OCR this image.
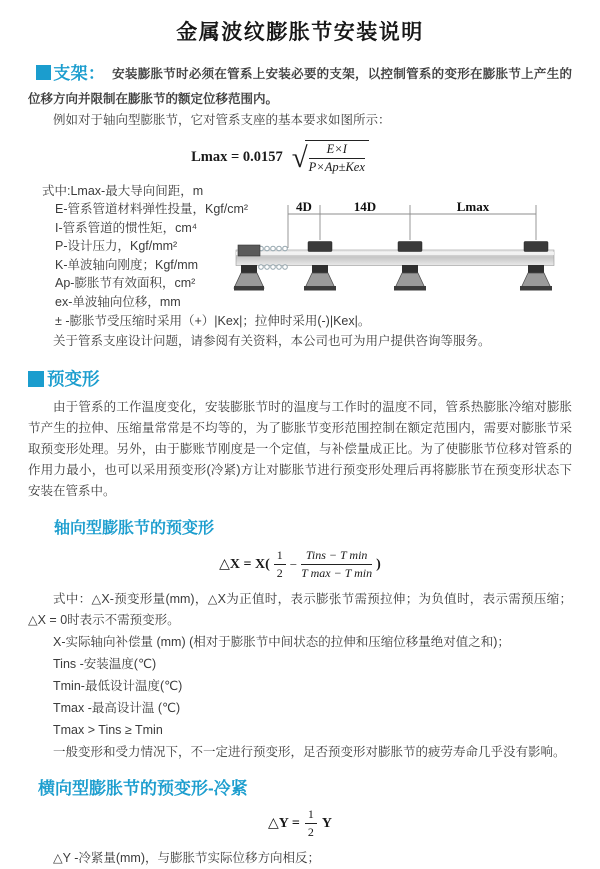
金属波纹膨胀节安装说明

支架： 安装膨胀节时必须在管系上安装必要的支架，以控制管系的变形在膨胀节上产生的位移方向并限制在膨胀节的额定位移范围内。

例如对于轴向型膨胀节，它对管系支座的基本要求如图所示：

Lmax = 0.0157 √
$\frac{E\times I}{\text{P×Ap±Kex}}$
4D	14D	Lmax
式中:Lmax-最大导向间距，m
E-管系管道材料弹性投量，Kgf/cm²
I-管系管道的惯性矩，cm⁴
P-设计压力，Kgf/mm²
K-单波轴向刚度；Kgf/mm
Ap-膨胀节有效面积，cm²
ex-单波轴向位移，mm

± -膨胀节受压缩时采用（+）|Kex|；拉伸时采用(-)|Kex|。

关于管系支座设计问题，请参阅有关资料，本公司也可为用户提供咨询等服务。

预变形

由于管系的工作温度变化，安装膨胀节时的温度与工作时的温度不同，管系热膨胀冷缩对膨胀节产生的拉伸、压缩量常常是不均等的，为了膨胀节变形范围控制在额定范围内，需要对膨胀节采取预变形处理。另外，由于膨账节刚度是一个定值，与补偿量成正比。为了使膨胀节位移对管系的作用力最小，也可以采用预变形(冷紧)方让对膨胀节进行预变形处理后再将膨胀节在预变形状态下安装在管系中。

轴向型膨胀节的预变形
△X = $X( \frac{1}{2} - \frac{\text{Tins − T min}}{\text{T max − T min}}$ )

式中：△X-预变形量(mm)，△X为正值时，表示膨张节需预拉伸；为负值时，表示需预压缩；△X = 0时表示不需预变形。

X-实际轴向补偿量 (mm) (相对于膨胀节中间状态的拉伸和压缩位移量绝对值之和)；

Tins -安装温度(℃)

Tmin-最低设计温度(℃)

Tmax -最高设计温 (℃)

Tmax > Tins ≥ Tmin

一般变形和受力情况下，不一定进行预变形，足否预变形对膨胀节的疲劳寿命几乎没有影响。

横向型膨胀节的预变形-冷紧
△Y = $\frac{1}{2}$ Y

△Y -冷紧量(mm)，与膨胀节实际位移方向相反；
